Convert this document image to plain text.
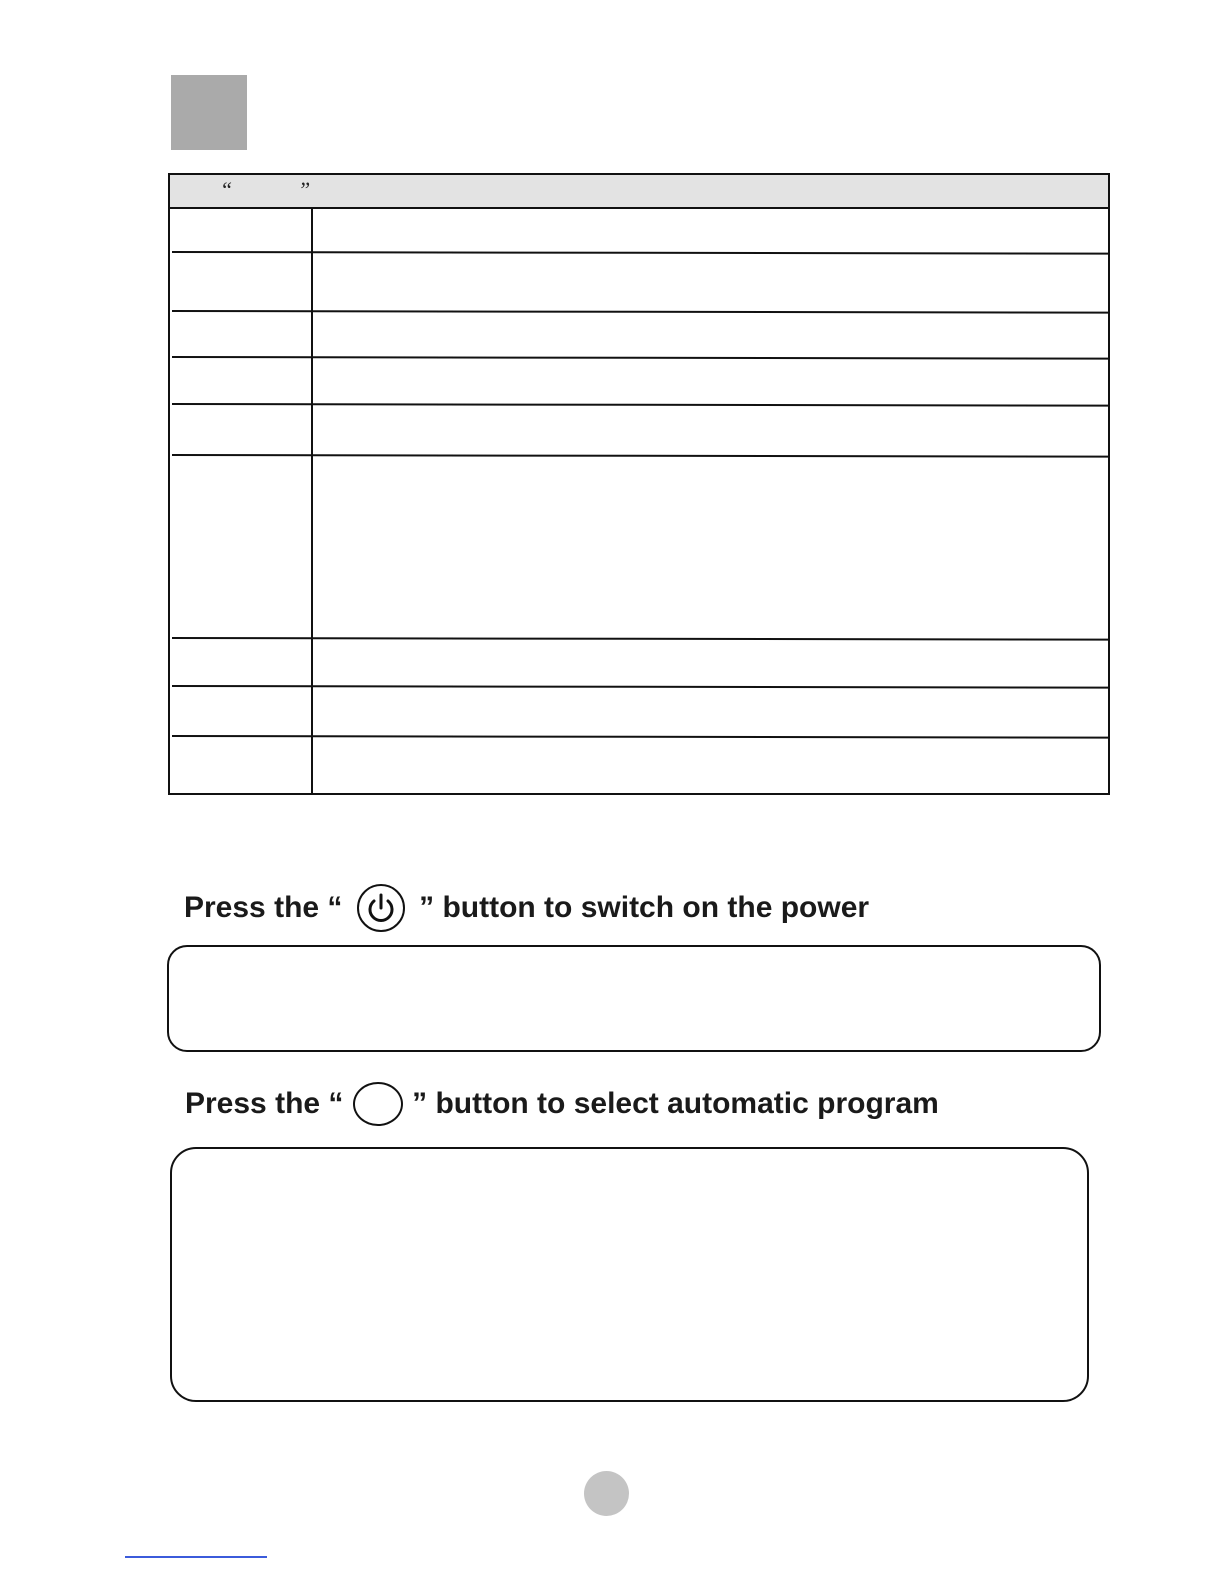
“	”
Press the “	” button to switch on the power
Press the “ ” button to select automatic program
